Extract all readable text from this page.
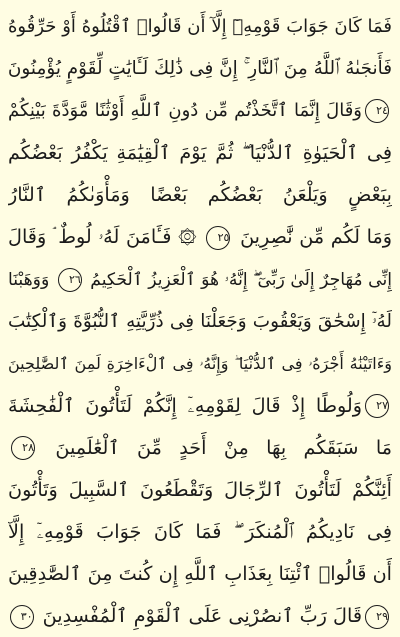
فَمَا كَانَ جَوَابَ قَوْمِهِۦٓ إِلَّآ أَن قَالُوا۟ ٱقْتُلُوهُ أَوْ حَرِّقُوهُ
فَأَنجَىٰهُ ٱللَّهُ مِنَ ٱلنَّارِ ۚ إِنَّ فِى ذَٰلِكَ لَـَٔايَٰتٍ لِّقَوْمٍ يُؤْمِنُونَ
٢٤وَقَالَ إِنَّمَا ٱتَّخَذْتُم مِّن دُونِ ٱللَّهِ أَوْثَٰنًا مَّوَدَّةَ بَيْنِكُمْ
فِى ٱلْحَيَوٰةِ ٱلدُّنْيَا ۖ ثُمَّ يَوْمَ ٱلْقِيَٰمَةِ يَكْفُرُ بَعْضُكُم
بِبَعْضٍ وَيَلْعَنُ بَعْضُكُم بَعْضًا وَمَأْوَىٰكُمُ ٱلنَّارُ
وَمَا لَكُم مِّن نَّٰصِرِينَ ٢٥ ۞ فَـَٔامَنَ لَهُۥ لُوطٌ ۘ وَقَالَ
إِنِّى مُهَاجِرٌ إِلَىٰ رَبِّىٓ ۖ إِنَّهُۥ هُوَ ٱلْعَزِيزُ ٱلْحَكِيمُ ٢٦ وَوَهَبْنَا
لَهُۥٓ إِسْحَٰقَ وَيَعْقُوبَ وَجَعَلْنَا فِى ذُرِّيَّتِهِ ٱلنُّبُوَّةَ وَٱلْكِتَٰبَ
وَءَاتَيْنَٰهُ أَجْرَهُۥ فِى ٱلدُّنْيَا ۖ وَإِنَّهُۥ فِى ٱلْءَاخِرَةِ لَمِنَ ٱلصَّٰلِحِينَ
٢٧وَلُوطًا إِذْ قَالَ لِقَوْمِهِۦٓ إِنَّكُمْ لَتَأْتُونَ ٱلْفَٰحِشَةَ
مَا سَبَقَكُم بِهَا مِنْ أَحَدٍ مِّنَ ٱلْعَٰلَمِينَ ٢٨
أَئِنَّكُمْ لَتَأْتُونَ ٱلرِّجَالَ وَتَقْطَعُونَ ٱلسَّبِيلَ وَتَأْتُونَ
فِى نَادِيكُمُ ٱلْمُنكَرَ ۖ فَمَا كَانَ جَوَابَ قَوْمِهِۦٓ إِلَّآ
أَن قَالُوا۟ ٱئْتِنَا بِعَذَابِ ٱللَّهِ إِن كُنتَ مِنَ ٱلصَّٰدِقِينَ
٢٩قَالَ رَبِّ ٱنصُرْنِى عَلَى ٱلْقَوْمِ ٱلْمُفْسِدِينَ ٣٠
